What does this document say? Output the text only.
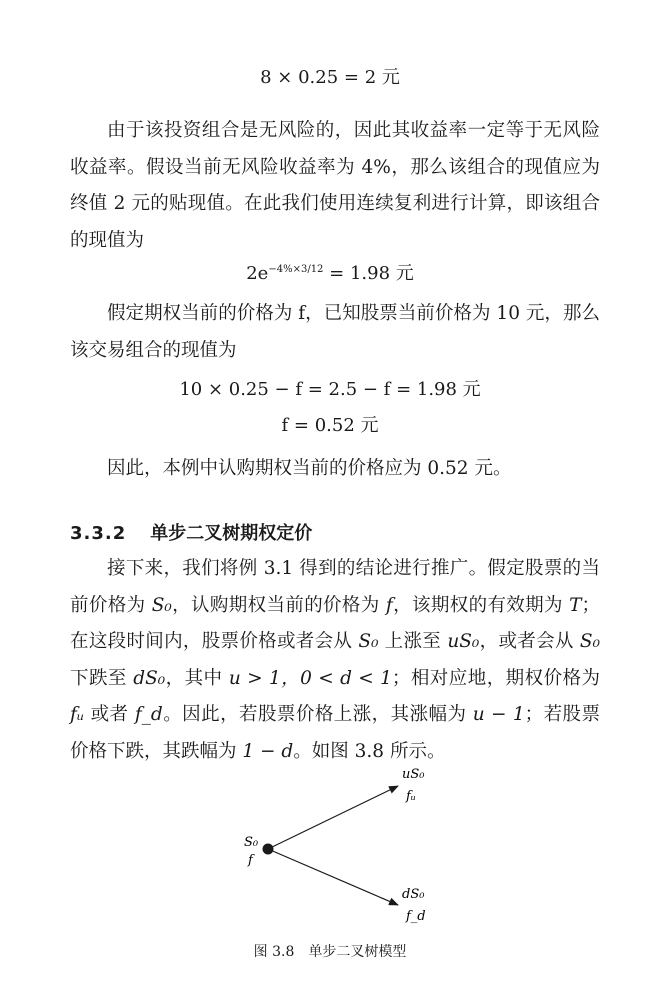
8 × 0.25 = 2 元

由于该投资组合是无风险的，因此其收益率一定等于无风险收益率。假设当前无风险收益率为 4%，那么该组合的现值应为终值 2 元的贴现值。在此我们使用连续复利进行计算，即该组合的现值为

$2e^{-4\%\times 3/12} = 1.98$ 元

假定期权当前的价格为 f，已知股票当前价格为 10 元，那么该交易组合的现值为

10 × 0.25 − f = 2.5 − f = 1.98 元
f = 0.52 元

因此，本例中认购期权当前的价格应为 0.52 元。

3.3.2 单步二叉树期权定价

接下来，我们将例 3.1 得到的结论进行推广。假定股票的当前价格为 S₀，认购期权当前的价格为 f，该期权的有效期为 T；在这段时间内，股票价格或者会从 S₀ 上涨至 uS₀，或者会从 S₀ 下跌至 dS₀，其中 u > 1，0 < d < 1；相对应地，期权价格为 fᵤ 或者 f_d。因此，若股票价格上涨，其涨幅为 u − 1；若股票价格下跌，其跌幅为 1 − d。如图 3.8 所示。

S₀
f
uS₀
fᵤ
dS₀
f_d
图 3.8 单步二叉树模型
